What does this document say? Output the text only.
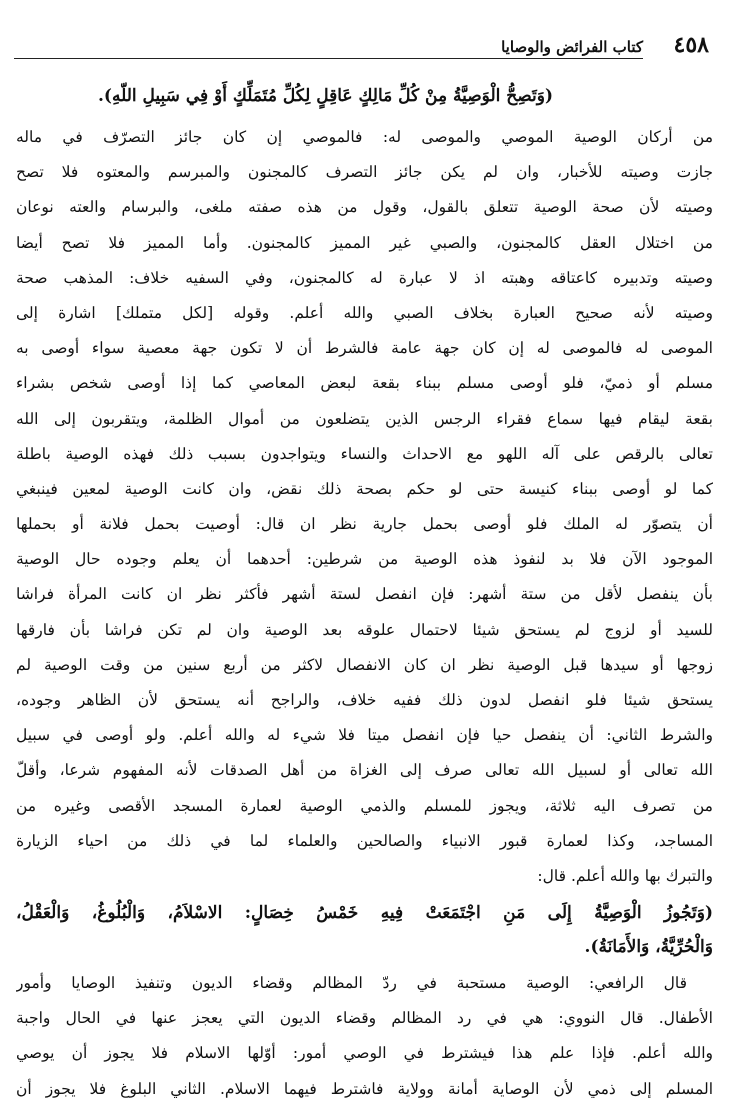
٤٥٨
كتاب الفرائض والوصايا
(وَتَصِحُّ الْوَصِيَّةُ مِنْ كُلِّ مَالِكٍ عَاقِلٍ لِكُلِّ مُتَمَلِّكٍ أَوْ فِي سَبِيلِ اللّهِ).
من أركان الوصية الموصي والموصى له: فالموصي إن كان جائز التصرّف في ماله
جازت وصيته للأخبار، وان لم يكن جائز التصرف كالمجنون والمبرسم والمعتوه فلا تصح
وصيته لأن صحة الوصية تتعلق بالقول، وقول من هذه صفته ملغى، والبرسام والعته نوعان
من اختلال العقل كالمجنون، والصبي غير المميز كالمجنون. وأما المميز فلا تصح أيضا
وصيته وتدبيره كاعتاقه وهبته اذ لا عبارة له كالمجنون، وفي السفيه خلاف: المذهب صحة
وصيته لأنه صحيح العبارة بخلاف الصبي والله أعلم. وقوله [لكل متملك] اشارة إلى
الموصى له فالموصى له إن كان جهة عامة فالشرط أن لا تكون جهة معصية سواء أوصى به
مسلم أو ذميّ، فلو أوصى مسلم ببناء بقعة لبعض المعاصي كما إذا أوصى شخص بشراء
بقعة ليقام فيها سماع فقراء الرجس الذين يتضلعون من أموال الظلمة، ويتقربون إلى الله
تعالى بالرقص على آله اللهو مع الاحداث والنساء ويتواجدون بسبب ذلك فهذه الوصية باطلة
كما لو أوصى ببناء كنيسة حتى لو حكم بصحة ذلك نقض، وان كانت الوصية لمعين فينبغي
أن يتصوّر له الملك فلو أوصى بحمل جارية نظر ان قال: أوصيت بحمل فلانة أو بحملها
الموجود الآن فلا بد لنفوذ هذه الوصية من شرطين: أحدهما أن يعلم وجوده حال الوصية
بأن ينفصل لأقل من ستة أشهر: فإن انفصل لستة أشهر فأكثر نظر ان كانت المرأة فراشا
للسيد أو لزوج لم يستحق شيئا لاحتمال علوقه بعد الوصية وان لم تكن فراشا بأن فارقها
زوجها أو سيدها قبل الوصية نظر ان كان الانفصال لاكثر من أربع سنين من وقت الوصية لم
يستحق شيئا فلو انفصل لدون ذلك ففيه خلاف، والراجح أنه يستحق لأن الظاهر وجوده،
والشرط الثاني: أن ينفصل حيا فإن انفصل ميتا فلا شيء له والله أعلم. ولو أوصى في سبيل
الله تعالى أو لسبيل الله تعالى صرف إلى الغزاة من أهل الصدقات لأنه المفهوم شرعا، وأقلّ
من تصرف اليه ثلاثة، ويجوز للمسلم والذمي الوصية لعمارة المسجد الأقصى وغيره من
المساجد، وكذا لعمارة قبور الانبياء والصالحين والعلماء لما في ذلك من احياء الزيارة
والتبرك بها والله أعلم. قال:
(وَتَجُوزُ الْوَصِيَّةُ إِلَى مَنِ اجْتَمَعَتْ فِيهِ خَمْسُ خِصَالٍ: الاسْلاَمُ، وَالْبُلُوغُ، وَالْعَقْلُ،
وَالْحُرِّيَّةُ، وَالأَمَانَةُ).
قال الرافعي: الوصية مستحبة في ردّ المظالم وقضاء الديون وتنفيذ الوصايا وأمور
الأطفال. قال النووي: هي في رد المظالم وقضاء الديون التي يعجز عنها في الحال واجبة
والله أعلم. فإذا علم هذا فيشترط في الوصي أمور: أوّلها الاسلام فلا يجوز أن يوصي
المسلم إلى ذمي لأن الوصاية أمانة وولاية فاشترط فيهما الاسلام. الثاني البلوغ فلا يجوز أن
